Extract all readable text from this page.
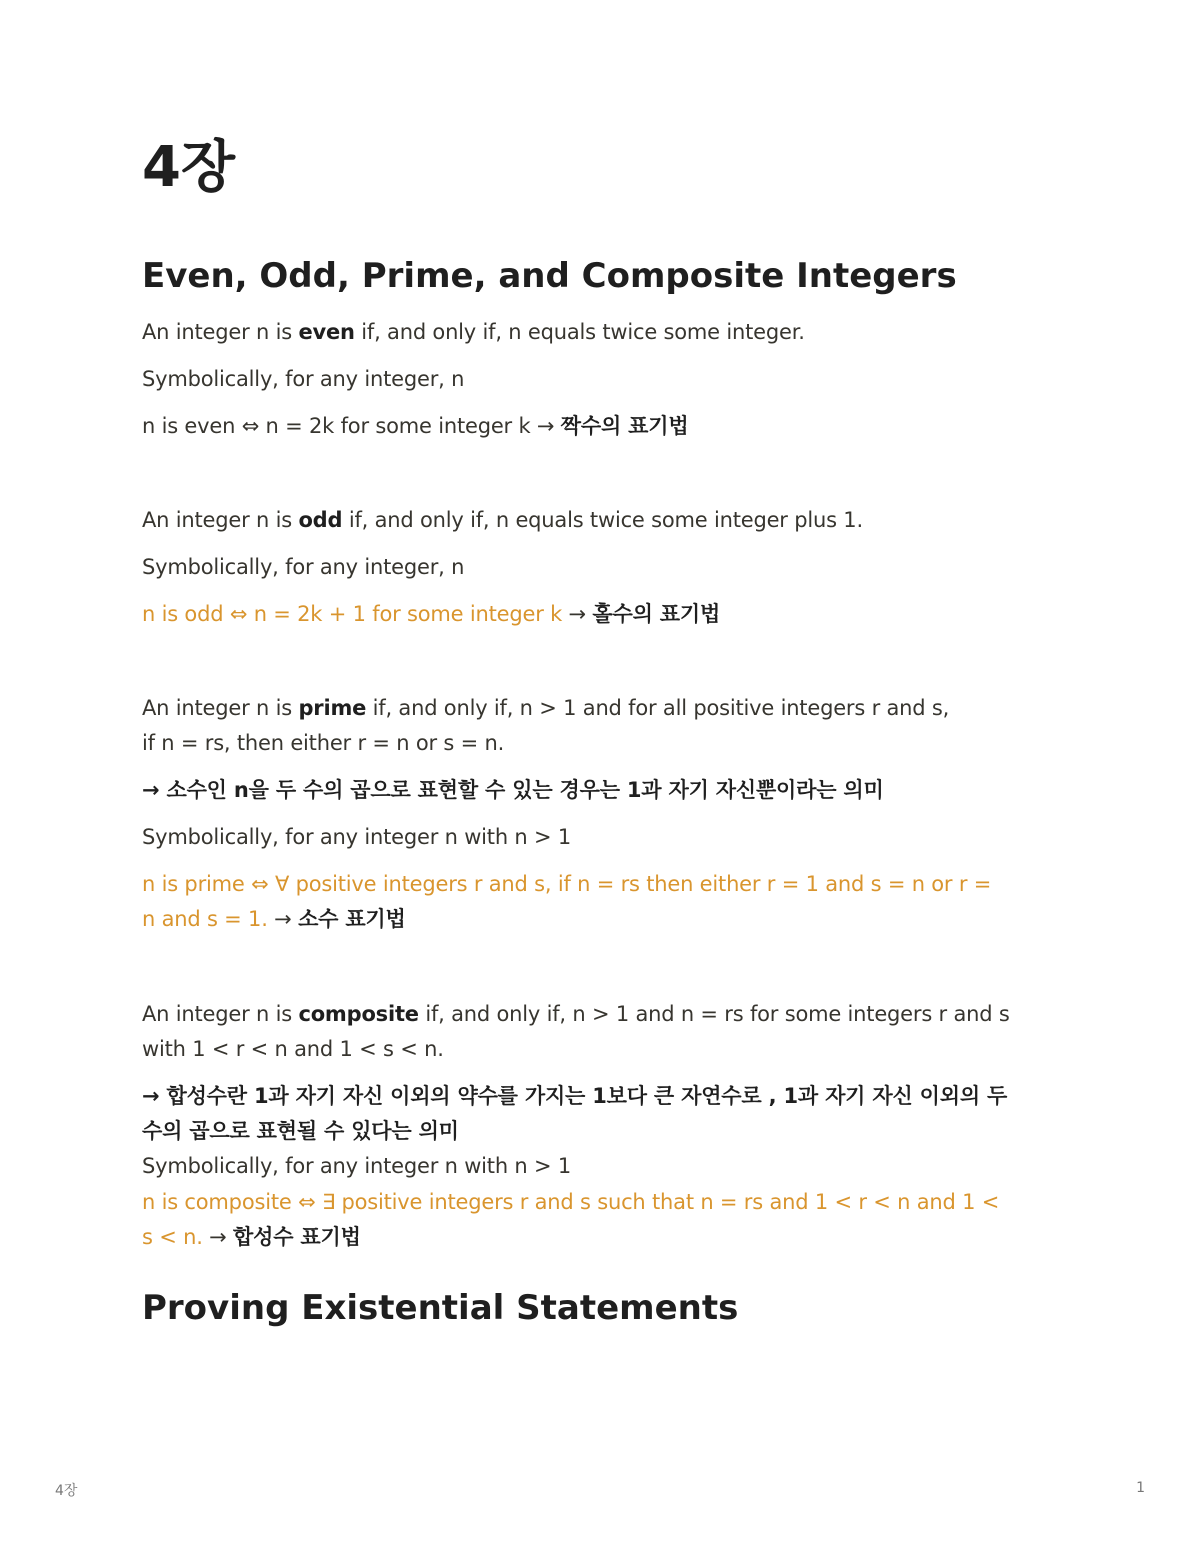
4장
Even, Odd, Prime, and Composite Integers

An integer n is even if, and only if, n equals twice some integer.

Symbolically, for any integer, n

n is even ⇔ n = 2k for some integer k → 짝수의 표기법

An integer n is odd if, and only if, n equals twice some integer plus 1.

Symbolically, for any integer, n

n is odd ⇔ n = 2k + 1 for some integer k → 홀수의 표기법

An integer n is prime if, and only if, n > 1 and for all positive integers r and s,

if n = rs, then either r = n or s = n.

→ 소수인 n을 두 수의 곱으로 표현할 수 있는 경우는 1과 자기 자신뿐이라는 의미

Symbolically, for any integer n with n > 1

n is prime ⇔ ∀ positive integers r and s, if n = rs then either r = 1 and s = n or r =

n and s = 1. → 소수 표기법

An integer n is composite if, and only if, n > 1 and n = rs for some integers r and s

with 1 < r < n and 1 < s < n.

→ 합성수란 1과 자기 자신 이외의 약수를 가지는 1보다 큰 자연수로 , 1과 자기 자신 이외의 두

수의 곱으로 표현될 수 있다는 의미

Symbolically, for any integer n with n > 1

n is composite ⇔ ∃ positive integers r and s such that n = rs and 1 < r < n and 1 <

s < n. → 합성수 표기법

Proving Existential Statements
4장	1
